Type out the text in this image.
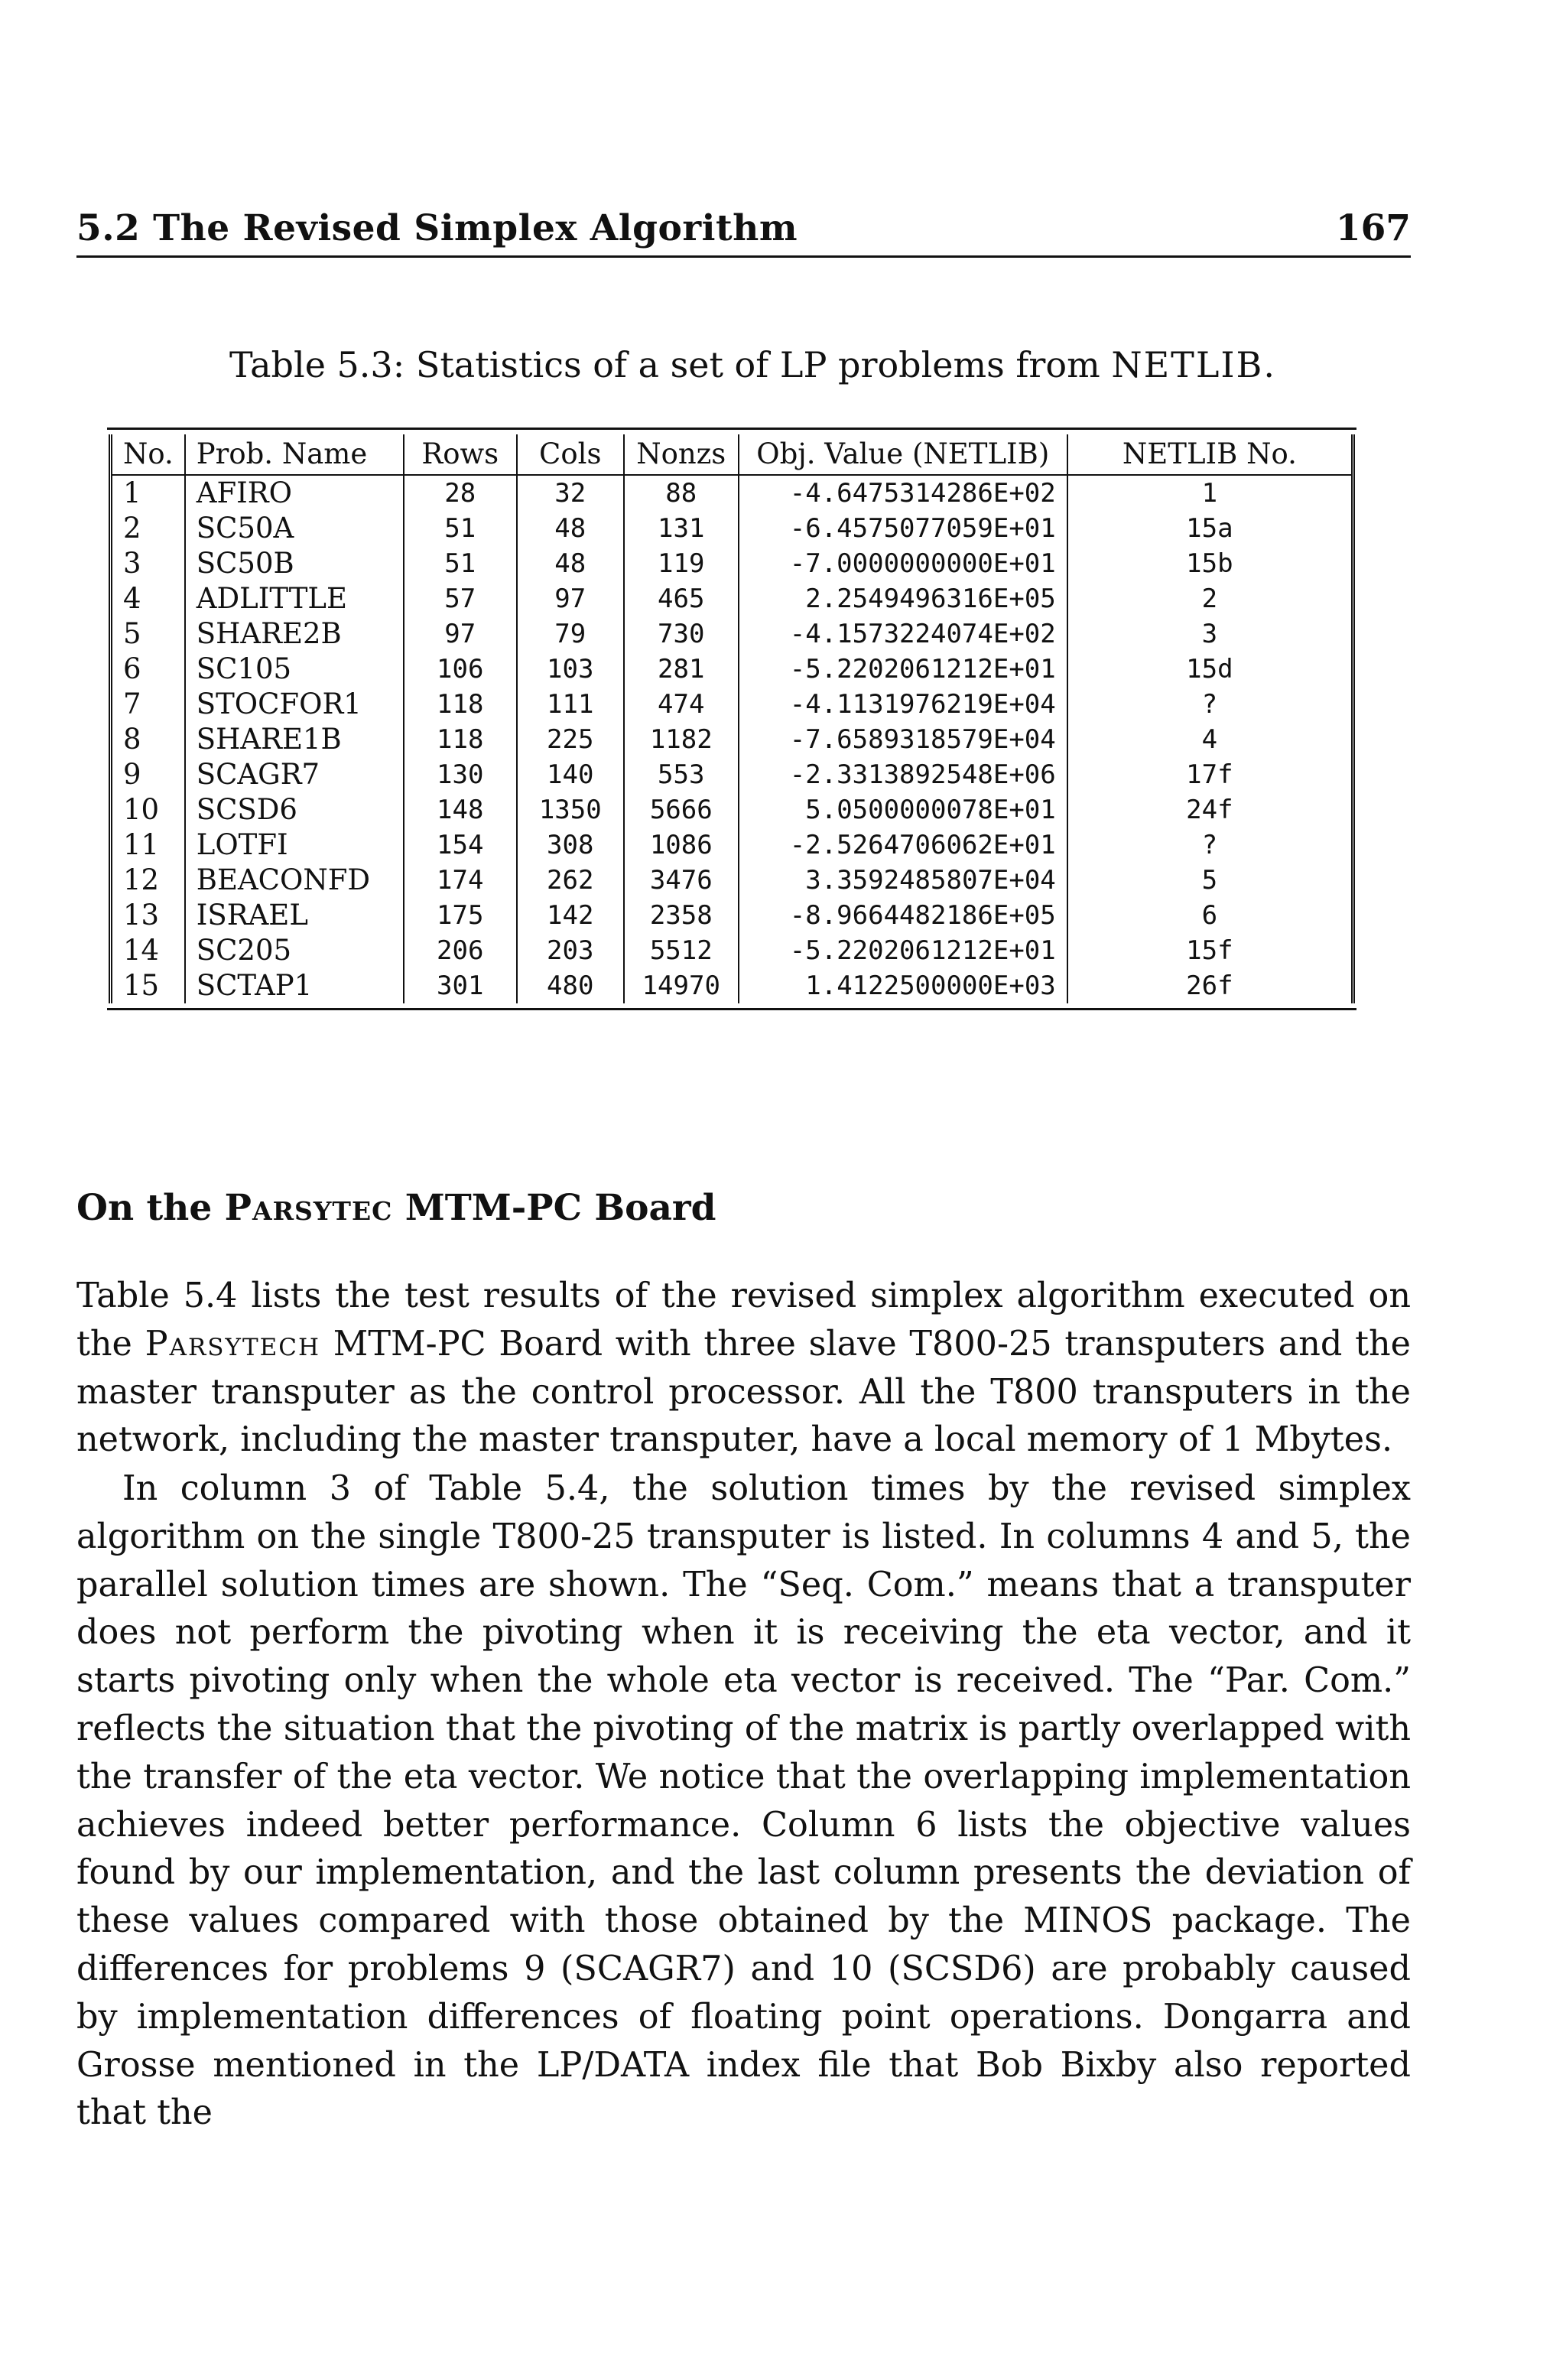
5.2 The Revised Simplex Algorithm	167
Table 5.3: Statistics of a set of LP problems from NETLIB.
No.	Prob. Name	Rows	Cols	Nonzs	Obj. Value (NETLIB)	NETLIB No.
1	AFIRO	28	32	88	-4.6475314286E+02	1
2	SC50A	51	48	131	-6.4575077059E+01	15a
3	SC50B	51	48	119	-7.0000000000E+01	15b
4	ADLITTLE	57	97	465	2.2549496316E+05	2
5	SHARE2B	97	79	730	-4.1573224074E+02	3
6	SC105	106	103	281	-5.2202061212E+01	15d
7	STOCFOR1	118	111	474	-4.1131976219E+04	?
8	SHARE1B	118	225	1182	-7.6589318579E+04	4
9	SCAGR7	130	140	553	-2.3313892548E+06	17f
10	SCSD6	148	1350	5666	5.0500000078E+01	24f
11	LOTFI	154	308	1086	-2.5264706062E+01	?
12	BEACONFD	174	262	3476	3.3592485807E+04	5
13	ISRAEL	175	142	2358	-8.9664482186E+05	6
14	SC205	206	203	5512	-5.2202061212E+01	15f
15	SCTAP1	301	480	14970	1.4122500000E+03	26f
On the Parsytec MTM-PC Board

Table 5.4 lists the test results of the revised simplex algorithm executed on the Parsytech MTM-PC Board with three slave T800-25 transputers and the master transputer as the control processor. All the T800 transputers in the network, including the master transputer, have a local memory of 1 Mbytes.

In column 3 of Table 5.4, the solution times by the revised simplex algorithm on the single T800-25 transputer is listed. In columns 4 and 5, the parallel solution times are shown. The “Seq. Com.” means that a transputer does not perform the pivoting when it is receiving the eta vector, and it starts pivoting only when the whole eta vector is received. The “Par. Com.” reflects the situation that the pivoting of the matrix is partly overlapped with the transfer of the eta vector. We notice that the overlapping implementation achieves indeed better performance. Column 6 lists the objective values found by our implementation, and the last column presents the deviation of these values compared with those obtained by the MINOS package. The differences for problems 9 (SCAGR7) and 10 (SCSD6) are probably caused by implementation differences of floating point operations. Dongarra and Grosse mentioned in the LP/DATA index file that Bob Bixby also reported that the
